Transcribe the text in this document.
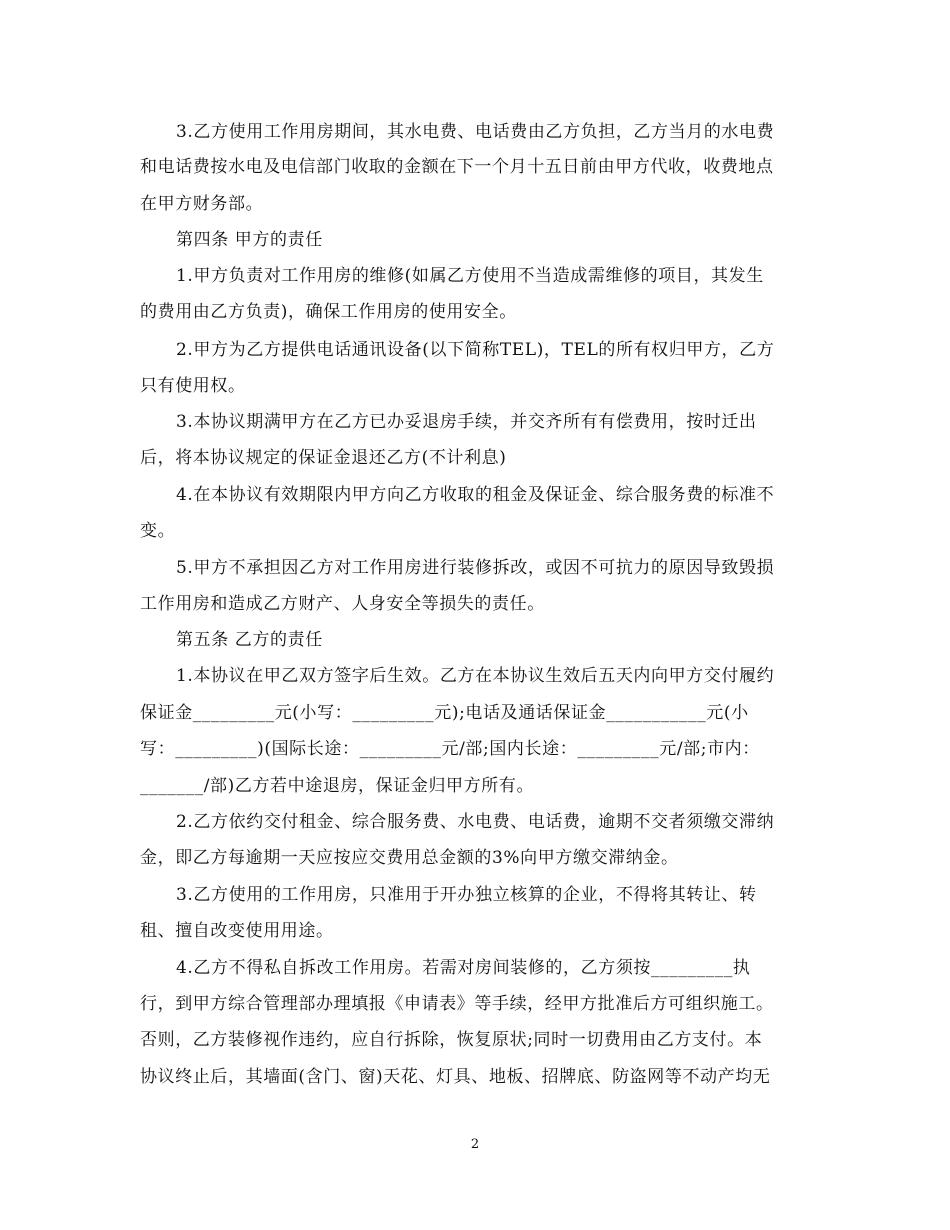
3.乙方使用工作用房期间，其水电费、电话费由乙方负担，乙方当月的水电费
和电话费按水电及电信部门收取的金额在下一个月十五日前由甲方代收，收费地点
在甲方财务部。
第四条 甲方的责任
1.甲方负责对工作用房的维修(如属乙方使用不当造成需维修的项目，其发生
的费用由乙方负责)，确保工作用房的使用安全。
2.甲方为乙方提供电话通讯设备(以下简称TEL)，TEL的所有权归甲方，乙方
只有使用权。
3.本协议期满甲方在乙方已办妥退房手续，并交齐所有有偿费用，按时迁出
后，将本协议规定的保证金退还乙方(不计利息)
4.在本协议有效期限内甲方向乙方收取的租金及保证金、综合服务费的标准不
变。
5.甲方不承担因乙方对工作用房进行装修拆改，或因不可抗力的原因导致毁损
工作用房和造成乙方财产、人身安全等损失的责任。
第五条 乙方的责任
1.本协议在甲乙双方签字后生效。乙方在本协议生效后五天内向甲方交付履约
保证金_________元(小写：_________元);电话及通话保证金___________元(小
写：_________)(国际长途：_________元/部;国内长途：_________元/部;市内：
_______/部)乙方若中途退房，保证金归甲方所有。
2.乙方依约交付租金、综合服务费、水电费、电话费，逾期不交者须缴交滞纳
金，即乙方每逾期一天应按应交费用总金额的3%向甲方缴交滞纳金。
3.乙方使用的工作用房，只准用于开办独立核算的企业，不得将其转让、转
租、擅自改变使用用途。
4.乙方不得私自拆改工作用房。若需对房间装修的，乙方须按_________执
行，到甲方综合管理部办理填报《申请表》等手续，经甲方批准后方可组织施工。
否则，乙方装修视作违约，应自行拆除，恢复原状;同时一切费用由乙方支付。本
协议终止后，其墙面(含门、窗)天花、灯具、地板、招牌底、防盗网等不动产均无
2
